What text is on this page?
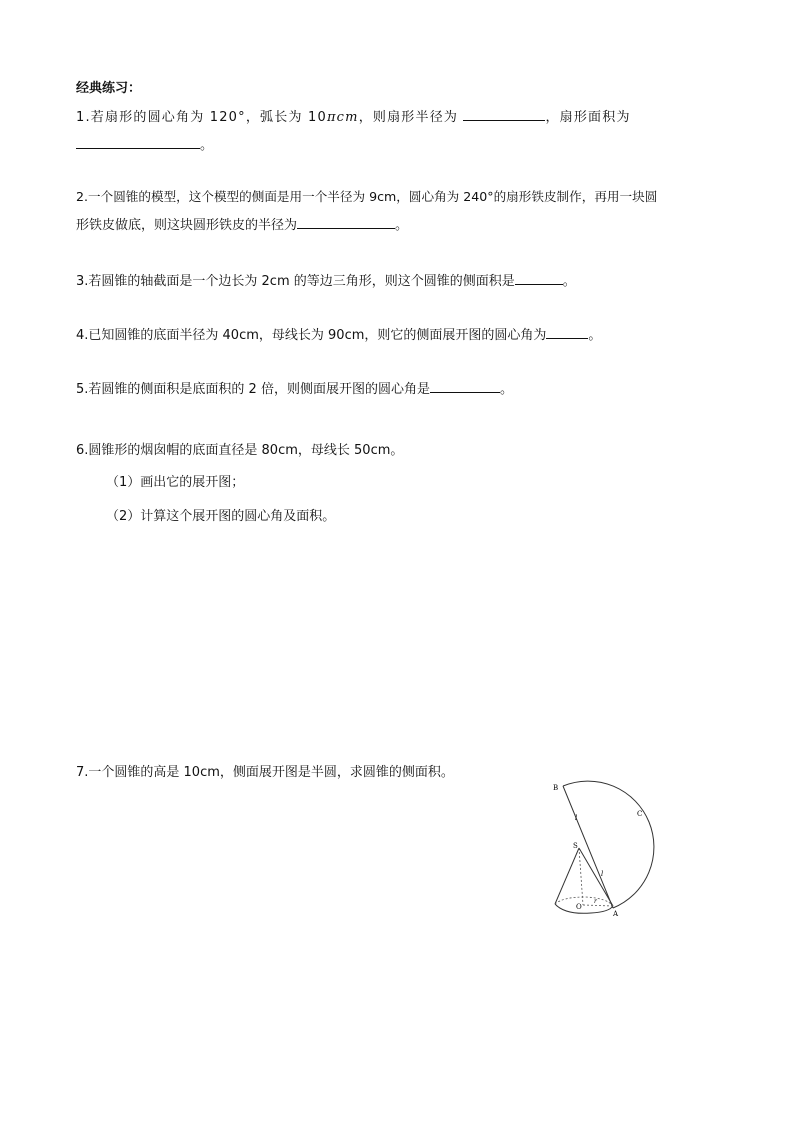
经典练习：
1.若扇形的圆心角为 120°，弧长为 10πcm，则扇形半径为	，扇形面积为
。
2.一个圆锥的模型，这个模型的侧面是用一个半径为 9cm，圆心角为 240°的扇形铁皮制作，再用一块圆
形铁皮做底，则这块圆形铁皮的半径为	。
3.若圆锥的轴截面是一个边长为 2cm 的等边三角形，则这个圆锥的侧面积是	。
4.已知圆锥的底面半径为 40cm，母线长为 90cm，则它的侧面展开图的圆心角为	。
5.若圆锥的侧面积是底面积的 2 倍，则侧面展开图的圆心角是	。
6.圆锥形的烟囱帽的底面直径是 80cm，母线长 50cm。
（1）画出它的展开图；
（2）计算这个展开图的圆心角及面积。
7.一个圆锥的高是 10cm，侧面展开图是半圆，求圆锥的侧面积。
B
C
S
l
l
O
r
A
